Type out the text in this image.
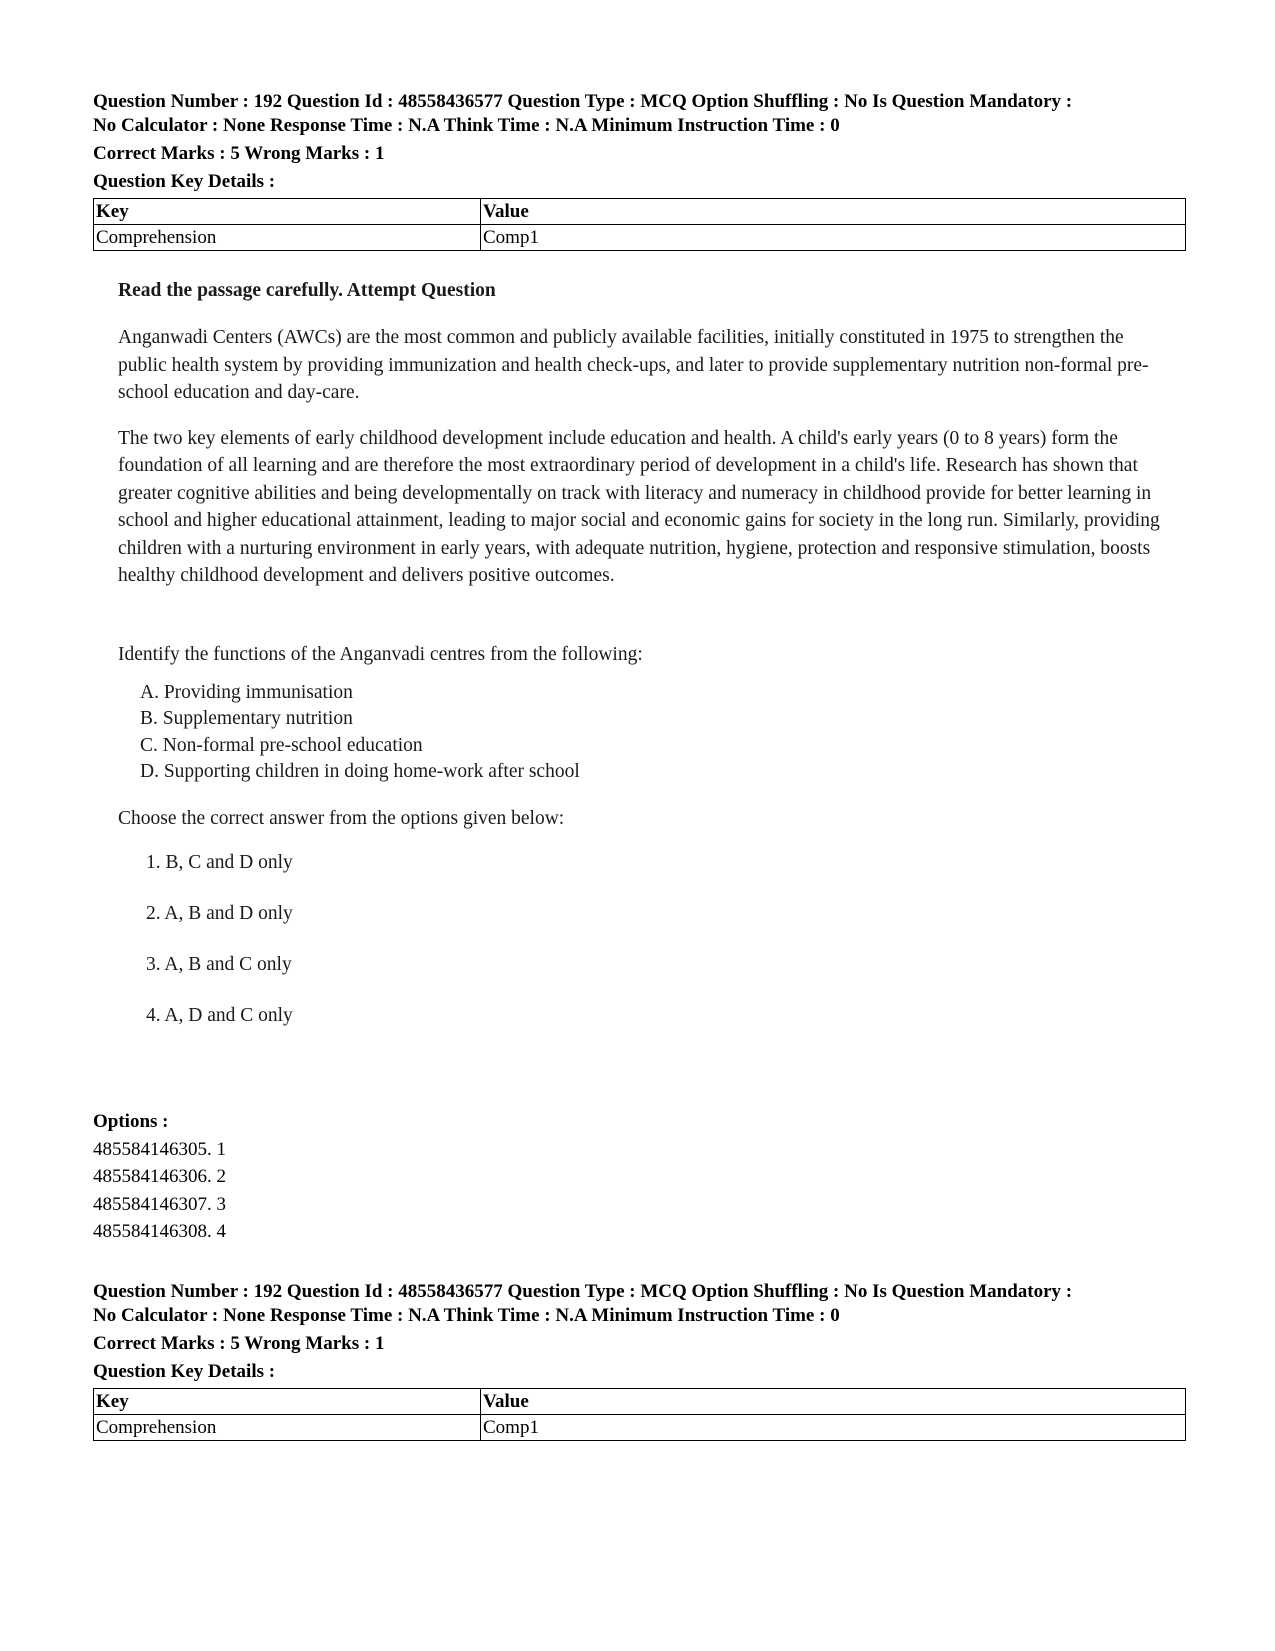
Question Number : 192 Question Id : 48558436577 Question Type : MCQ Option Shuffling : No Is Question Mandatory :

No Calculator : None Response Time : N.A Think Time : N.A Minimum Instruction Time : 0

Correct Marks : 5 Wrong Marks : 1

Question Key Details :

Key	Value
Comprehension	Comp1

Read the passage carefully. Attempt Question

Anganwadi Centers (AWCs) are the most common and publicly available facilities, initially constituted in 1975 to strengthen the public health system by providing immunization and health check-ups, and later to provide supplementary nutrition non-formal pre-school education and day-care.

The two key elements of early childhood development include education and health. A child's early years (0 to 8 years) form the foundation of all learning and are therefore the most extraordinary period of development in a child's life. Research has shown that greater cognitive abilities and being developmentally on track with literacy and numeracy in childhood provide for better learning in school and higher educational attainment, leading to major social and economic gains for society in the long run. Similarly, providing children with a nurturing environment in early years, with adequate nutrition, hygiene, protection and responsive stimulation, boosts healthy childhood development and delivers positive outcomes.

Identify the functions of the Anganvadi centres from the following:

A. Providing immunisation
B. Supplementary nutrition
C. Non-formal pre-school education
D. Supporting children in doing home-work after school

Choose the correct answer from the options given below:

1. B, C and D only
2. A, B and D only
3. A, B and C only
4. A, D and C only

Options :

485584146305. 1

485584146306. 2

485584146307. 3

485584146308. 4

Question Number : 192 Question Id : 48558436577 Question Type : MCQ Option Shuffling : No Is Question Mandatory :

No Calculator : None Response Time : N.A Think Time : N.A Minimum Instruction Time : 0

Correct Marks : 5 Wrong Marks : 1

Question Key Details :

Key	Value
Comprehension	Comp1
